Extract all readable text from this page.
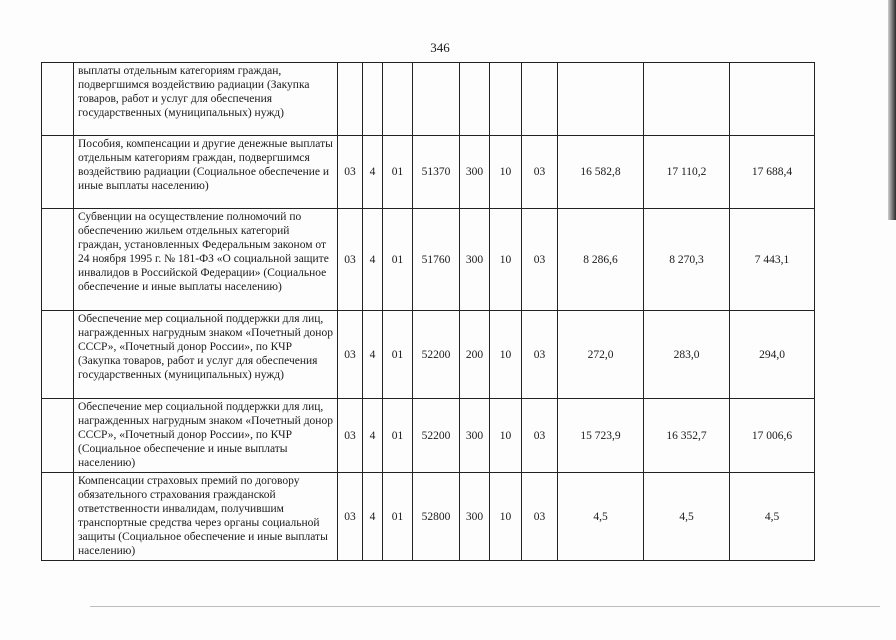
346
	выплаты отдельным категориям граждан, подвергшимся воздействию радиации (Закупка товаров, работ и услуг для обеспечения государственных (муниципальных) нужд)										
	Пособия, компенсации и другие денежные выплаты отдельным категориям граждан, подвергшимся воздействию радиации (Социальное обеспечение и иные выплаты населению)	03	4	01	51370	300	10	03	16 582,8	17 110,2	17 688,4
	Субвенции на осуществление полномочий по обеспечению жильем отдельных категорий граждан, установленных Федеральным законом от 24 ноября 1995 г. № 181-ФЗ «О социальной защите инвалидов в Российской Федерации» (Социальное обеспечение и иные выплаты населению)	03	4	01	51760	300	10	03	8 286,6	8 270,3	7 443,1
	Обеспечение мер социальной поддержки для лиц, награжденных нагрудным знаком «Почетный донор СССР», «Почетный донор России», по КЧР (Закупка товаров, работ и услуг для обеспечения государственных (муниципальных) нужд)	03	4	01	52200	200	10	03	272,0	283,0	294,0
	Обеспечение мер социальной поддержки для лиц, награжденных нагрудным знаком «Почетный донор СССР», «Почетный донор России», по КЧР (Социальное обеспечение и иные выплаты населению)	03	4	01	52200	300	10	03	15 723,9	16 352,7	17 006,6
	Компенсации страховых премий по договору обязательного страхования гражданской ответственности инвалидам, получившим транспортные средства через органы социальной защиты (Социальное обеспечение и иные выплаты населению)	03	4	01	52800	300	10	03	4,5	4,5	4,5
